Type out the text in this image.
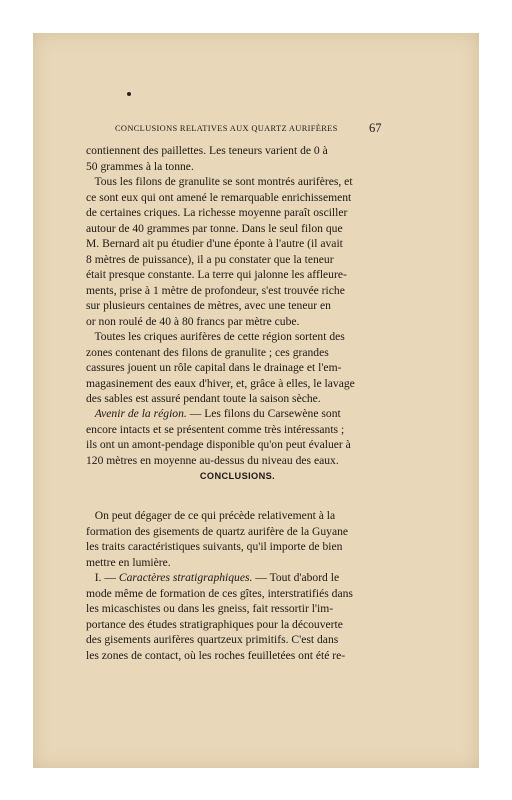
CONCLUSIONS RELATIVES AUX QUARTZ AURIFÈRES	67
contiennent des paillettes. Les teneurs varient de 0 à
50 grammes à la tonne.
Tous les filons de granulite se sont montrés aurifères, et
ce sont eux qui ont amené le remarquable enrichissement
de certaines criques. La richesse moyenne paraît osciller
autour de 40 grammes par tonne. Dans le seul filon que
M. Bernard ait pu étudier d'une éponte à l'autre (il avait
8 mètres de puissance), il a pu constater que la teneur
était presque constante. La terre qui jalonne les affleure-
ments, prise à 1 mètre de profondeur, s'est trouvée riche
sur plusieurs centaines de mètres, avec une teneur en
or non roulé de 40 à 80 francs par mètre cube.
Toutes les criques aurifères de cette région sortent des
zones contenant des filons de granulite ; ces grandes
cassures jouent un rôle capital dans le drainage et l'em-
magasinement des eaux d'hiver, et, grâce à elles, le lavage
des sables est assuré pendant toute la saison sèche.
Avenir de la région. — Les filons du Carsewène sont
encore intacts et se présentent comme très intéressants ;
ils ont un amont-pendage disponible qu'on peut évaluer à
120 mètres en moyenne au-dessus du niveau des eaux.
CONCLUSIONS.
On peut dégager de ce qui précède relativement à la
formation des gisements de quartz aurifère de la Guyane
les traits caractéristiques suivants, qu'il importe de bien
mettre en lumière.
I. — Caractères stratigraphiques. — Tout d'abord le
mode même de formation de ces gîtes, interstratifiés dans
les micaschistes ou dans les gneiss, fait ressortir l'im-
portance des études stratigraphiques pour la découverte
des gisements aurifères quartzeux primitifs. C'est dans
les zones de contact, où les roches feuilletées ont été re-
